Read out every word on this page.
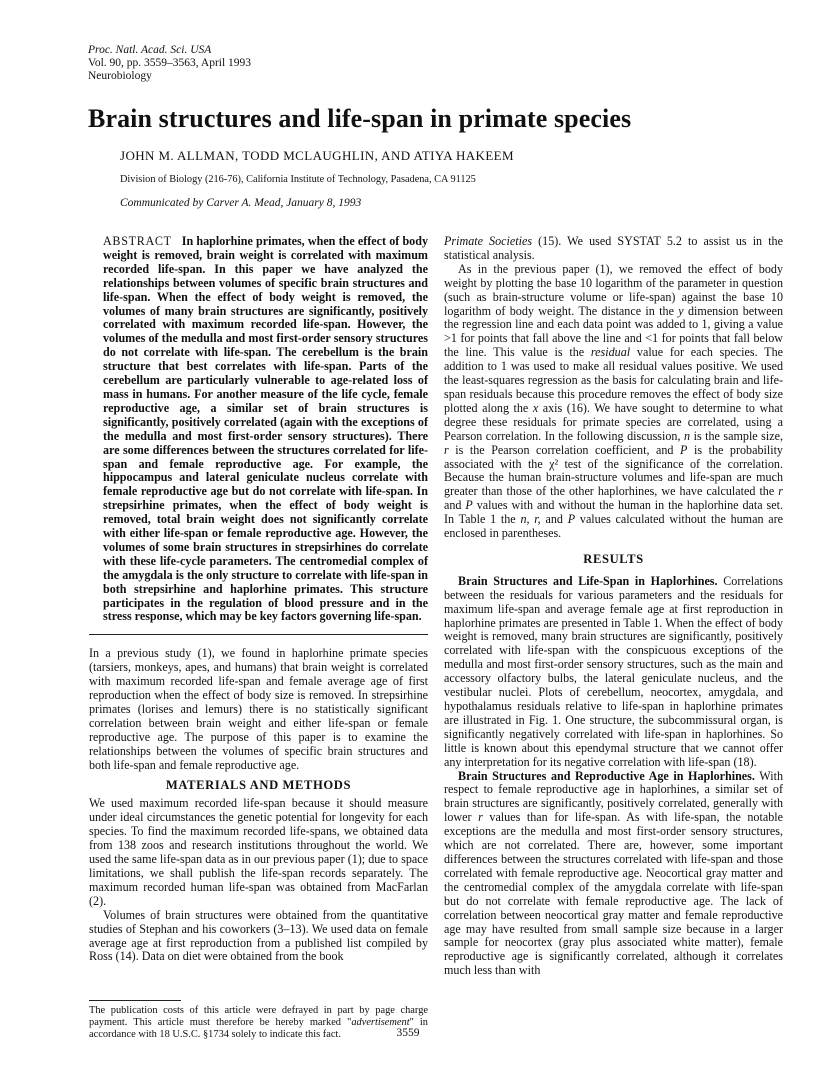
Proc. Natl. Acad. Sci. USA
Vol. 90, pp. 3559–3563, April 1993
Neurobiology
Brain structures and life-span in primate species
JOHN M. ALLMAN, TODD MCLAUGHLIN, AND ATIYA HAKEEM
Division of Biology (216-76), California Institute of Technology, Pasadena, CA 91125
Communicated by Carver A. Mead, January 8, 1993

ABSTRACT In haplorhine primates, when the effect of body weight is removed, brain weight is correlated with maximum recorded life-span. In this paper we have analyzed the relationships between volumes of specific brain structures and life-span. When the effect of body weight is removed, the volumes of many brain structures are significantly, positively correlated with maximum recorded life-span. However, the volumes of the medulla and most first-order sensory structures do not correlate with life-span. The cerebellum is the brain structure that best correlates with life-span. Parts of the cerebellum are particularly vulnerable to age-related loss of mass in humans. For another measure of the life cycle, female reproductive age, a similar set of brain structures is significantly, positively correlated (again with the exceptions of the medulla and most first-order sensory structures). There are some differences between the structures correlated for life-span and female reproductive age. For example, the hippocampus and lateral geniculate nucleus correlate with female reproductive age but do not correlate with life-span. In strepsirhine primates, when the effect of body weight is removed, total brain weight does not significantly correlate with either life-span or female reproductive age. However, the volumes of some brain structures in strepsirhines do correlate with these life-cycle parameters. The centromedial complex of the amygdala is the only structure to correlate with life-span in both strepsirhine and haplorhine primates. This structure participates in the regulation of blood pressure and in the stress response, which may be key factors governing life-span.

In a previous study (1), we found in haplorhine primate species (tarsiers, monkeys, apes, and humans) that brain weight is correlated with maximum recorded life-span and female average age of first reproduction when the effect of body size is removed. In strepsirhine primates (lorises and lemurs) there is no statistically significant correlation between brain weight and either life-span or female reproductive age. The purpose of this paper is to examine the relationships between the volumes of specific brain structures and both life-span and female reproductive age.

MATERIALS AND METHODS

We used maximum recorded life-span because it should measure under ideal circumstances the genetic potential for longevity for each species. To find the maximum recorded life-spans, we obtained data from 138 zoos and research institutions throughout the world. We used the same life-span data as in our previous paper (1); due to space limitations, we shall publish the life-span records separately. The maximum recorded human life-span was obtained from MacFarlan (2).

Volumes of brain structures were obtained from the quantitative studies of Stephan and his coworkers (3–13). We used data on female average age at first reproduction from a published list compiled by Ross (14). Data on diet were obtained from the book

Primate Societies (15). We used SYSTAT 5.2 to assist us in the statistical analysis.

As in the previous paper (1), we removed the effect of body weight by plotting the base 10 logarithm of the parameter in question (such as brain-structure volume or life-span) against the base 10 logarithm of body weight. The distance in the y dimension between the regression line and each data point was added to 1, giving a value >1 for points that fall above the line and <1 for points that fall below the line. This value is the residual value for each species. The addition to 1 was used to make all residual values positive. We used the least-squares regression as the basis for calculating brain and life-span residuals because this procedure removes the effect of body size plotted along the x axis (16). We have sought to determine to what degree these residuals for primate species are correlated, using a Pearson correlation. In the following discussion, n is the sample size, r is the Pearson correlation coefficient, and P is the probability associated with the χ² test of the significance of the correlation. Because the human brain-structure volumes and life-span are much greater than those of the other haplorhines, we have calculated the r and P values with and without the human in the haplorhine data set. In Table 1 the n, r, and P values calculated without the human are enclosed in parentheses.

RESULTS

Brain Structures and Life-Span in Haplorhines. Correlations between the residuals for various parameters and the residuals for maximum life-span and average female age at first reproduction in haplorhine primates are presented in Table 1. When the effect of body weight is removed, many brain structures are significantly, positively correlated with life-span with the conspicuous exceptions of the medulla and most first-order sensory structures, such as the main and accessory olfactory bulbs, the lateral geniculate nucleus, and the vestibular nuclei. Plots of cerebellum, neocortex, amygdala, and hypothalamus residuals relative to life-span in haplorhine primates are illustrated in Fig. 1. One structure, the subcommissural organ, is significantly negatively correlated with life-span in haplorhines. So little is known about this ependymal structure that we cannot offer any interpretation for its negative correlation with life-span (18).

Brain Structures and Reproductive Age in Haplorhines. With respect to female reproductive age in haplorhines, a similar set of brain structures are significantly, positively correlated, generally with lower r values than for life-span. As with life-span, the notable exceptions are the medulla and most first-order sensory structures, which are not correlated. There are, however, some important differences between the structures correlated with life-span and those correlated with female reproductive age. Neocortical gray matter and the centromedial complex of the amygdala correlate with life-span but do not correlate with female reproductive age. The lack of correlation between neocortical gray matter and female reproductive age may have resulted from small sample size because in a larger sample for neocortex (gray plus associated white matter), female reproductive age is significantly correlated, although it correlates much less than with

The publication costs of this article were defrayed in part by page charge payment. This article must therefore be hereby marked "advertisement" in accordance with 18 U.S.C. §1734 solely to indicate this fact.	3559
